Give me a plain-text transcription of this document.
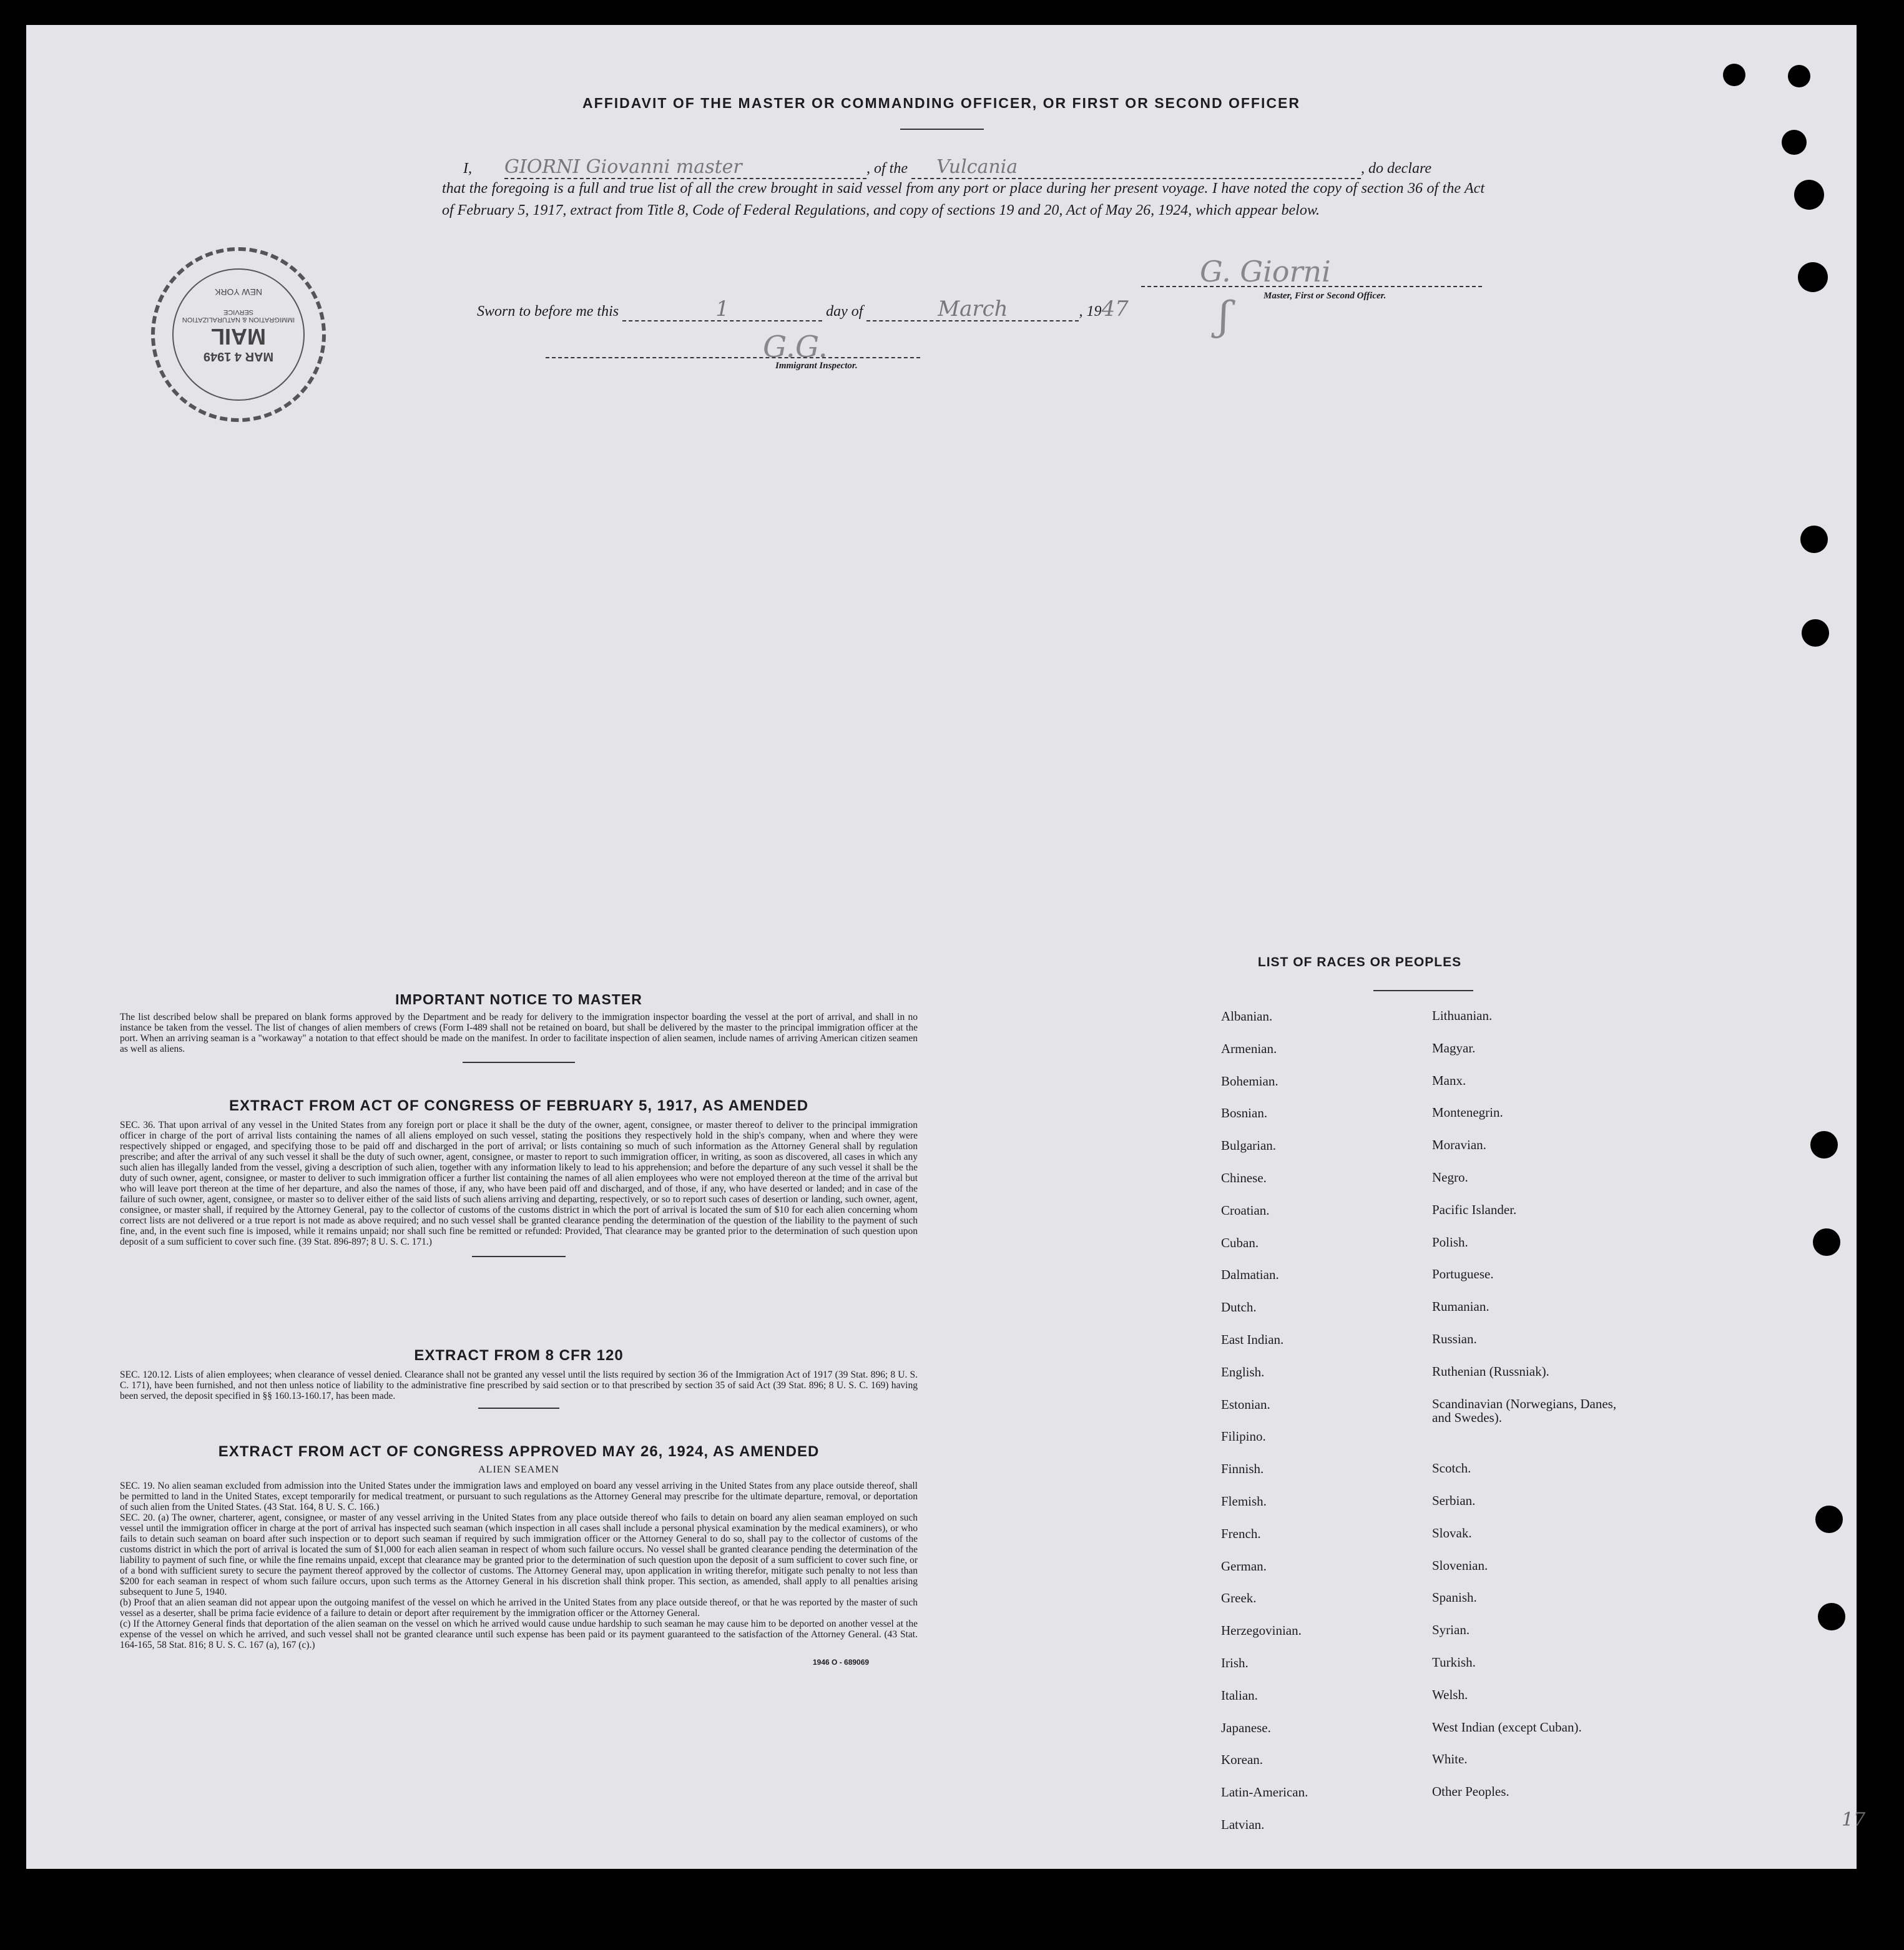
AFFIDAVIT OF THE MASTER OR COMMANDING OFFICER, OR FIRST OR SECOND OFFICER
I, GIORNI Giovanni master	, of the Vulcania	, do declare
that the foregoing is a full and true list of all the crew brought in said vessel from any port or place during her present voyage. I have noted the copy of section 36 of the Act of February 5, 1917, extract from Title 8, Code of Federal Regulations, and copy of sections 19 and 20, Act of May 26, 1924, which appear below.
G. Giorni
Master, First or Second Officer.
Sworn to before me this	1	day of	March	, 1947	ʃ
G.G.
Immigrant Inspector.
MAR 4 1949
MAIL
IMMIGRATION & NATURALIZATION SERVICE
NEW YORK
IMPORTANT NOTICE TO MASTER
The list described below shall be prepared on blank forms approved by the Department and be ready for delivery to the immigration inspector boarding the vessel at the port of arrival, and shall in no instance be taken from the vessel. The list of changes of alien members of crews (Form I-489 shall not be retained on board, but shall be delivered by the master to the principal immigration officer at the port. When an arriving seaman is a "workaway" a notation to that effect should be made on the manifest. In order to facilitate inspection of alien seamen, include names of arriving American citizen seamen as well as aliens.
EXTRACT FROM ACT OF CONGRESS OF FEBRUARY 5, 1917, AS AMENDED
SEC. 36. That upon arrival of any vessel in the United States from any foreign port or place it shall be the duty of the owner, agent, consignee, or master thereof to deliver to the principal immigration officer in charge of the port of arrival lists containing the names of all aliens employed on such vessel, stating the positions they respectively hold in the ship's company, when and where they were respectively shipped or engaged, and specifying those to be paid off and discharged in the port of arrival; or lists containing so much of such information as the Attorney General shall by regulation prescribe; and after the arrival of any such vessel it shall be the duty of such owner, agent, consignee, or master to report to such immigration officer, in writing, as soon as discovered, all cases in which any such alien has illegally landed from the vessel, giving a description of such alien, together with any information likely to lead to his apprehension; and before the departure of any such vessel it shall be the duty of such owner, agent, consignee, or master to deliver to such immigration officer a further list containing the names of all alien employees who were not employed thereon at the time of the arrival but who will leave port thereon at the time of her departure, and also the names of those, if any, who have been paid off and discharged, and of those, if any, who have deserted or landed; and in case of the failure of such owner, agent, consignee, or master so to deliver either of the said lists of such aliens arriving and departing, respectively, or so to report such cases of desertion or landing, such owner, agent, consignee, or master shall, if required by the Attorney General, pay to the collector of customs of the customs district in which the port of arrival is located the sum of $10 for each alien concerning whom correct lists are not delivered or a true report is not made as above required; and no such vessel shall be granted clearance pending the determination of the question of the liability to the payment of such fine, and, in the event such fine is imposed, while it remains unpaid; nor shall such fine be remitted or refunded: Provided, That clearance may be granted prior to the determination of such question upon deposit of a sum sufficient to cover such fine. (39 Stat. 896-897; 8 U. S. C. 171.)
EXTRACT FROM 8 CFR 120
SEC. 120.12. Lists of alien employees; when clearance of vessel denied. Clearance shall not be granted any vessel until the lists required by section 36 of the Immigration Act of 1917 (39 Stat. 896; 8 U. S. C. 171), have been furnished, and not then unless notice of liability to the administrative fine prescribed by said section or to that prescribed by section 35 of said Act (39 Stat. 896; 8 U. S. C. 169) having been served, the deposit specified in §§ 160.13-160.17, has been made.
EXTRACT FROM ACT OF CONGRESS APPROVED MAY 26, 1924, AS AMENDED
ALIEN SEAMEN
SEC. 19. No alien seaman excluded from admission into the United States under the immigration laws and employed on board any vessel arriving in the United States from any place outside thereof, shall be permitted to land in the United States, except temporarily for medical treatment, or pursuant to such regulations as the Attorney General may prescribe for the ultimate departure, removal, or deportation of such alien from the United States. (43 Stat. 164, 8 U. S. C. 166.)
SEC. 20. (a) The owner, charterer, agent, consignee, or master of any vessel arriving in the United States from any place outside thereof who fails to detain on board any alien seaman employed on such vessel until the immigration officer in charge at the port of arrival has inspected such seaman (which inspection in all cases shall include a personal physical examination by the medical examiners), or who fails to detain such seaman on board after such inspection or to deport such seaman if required by such immigration officer or the Attorney General to do so, shall pay to the collector of customs of the customs district in which the port of arrival is located the sum of $1,000 for each alien seaman in respect of whom such failure occurs. No vessel shall be granted clearance pending the determination of the liability to payment of such fine, or while the fine remains unpaid, except that clearance may be granted prior to the determination of such question upon the deposit of a sum sufficient to cover such fine, or of a bond with sufficient surety to secure the payment thereof approved by the collector of customs. The Attorney General may, upon application in writing therefor, mitigate such penalty to not less than $200 for each seaman in respect of whom such failure occurs, upon such terms as the Attorney General in his discretion shall think proper. This section, as amended, shall apply to all penalties arising subsequent to June 5, 1940.
(b) Proof that an alien seaman did not appear upon the outgoing manifest of the vessel on which he arrived in the United States from any place outside thereof, or that he was reported by the master of such vessel as a deserter, shall be prima facie evidence of a failure to detain or deport after requirement by the immigration officer or the Attorney General.
(c) If the Attorney General finds that deportation of the alien seaman on the vessel on which he arrived would cause undue hardship to such seaman he may cause him to be deported on another vessel at the expense of the vessel on which he arrived, and such vessel shall not be granted clearance until such expense has been paid or its payment guaranteed to the satisfaction of the Attorney General. (43 Stat. 164-165, 58 Stat. 816; 8 U. S. C. 167 (a), 167 (c).)
1946 O - 689069
LIST OF RACES OR PEOPLES
17
Albanian.
Armenian.
Bohemian.
Bosnian.
Bulgarian.
Chinese.
Croatian.
Cuban.
Dalmatian.
Dutch.
East Indian.
English.
Estonian.
Filipino.
Finnish.
Flemish.
French.
German.
Greek.
Herzegovinian.
Irish.
Italian.
Japanese.
Korean.
Latin-American.
Latvian.
Lithuanian.
Magyar.
Manx.
Montenegrin.
Moravian.
Negro.
Pacific Islander.
Polish.
Portuguese.
Rumanian.
Russian.
Ruthenian (Russniak).
Scandinavian (Norwegians, Danes, and Swedes).
Scotch.
Serbian.
Slovak.
Slovenian.
Spanish.
Syrian.
Turkish.
Welsh.
West Indian (except Cuban).
White.
Other Peoples.
